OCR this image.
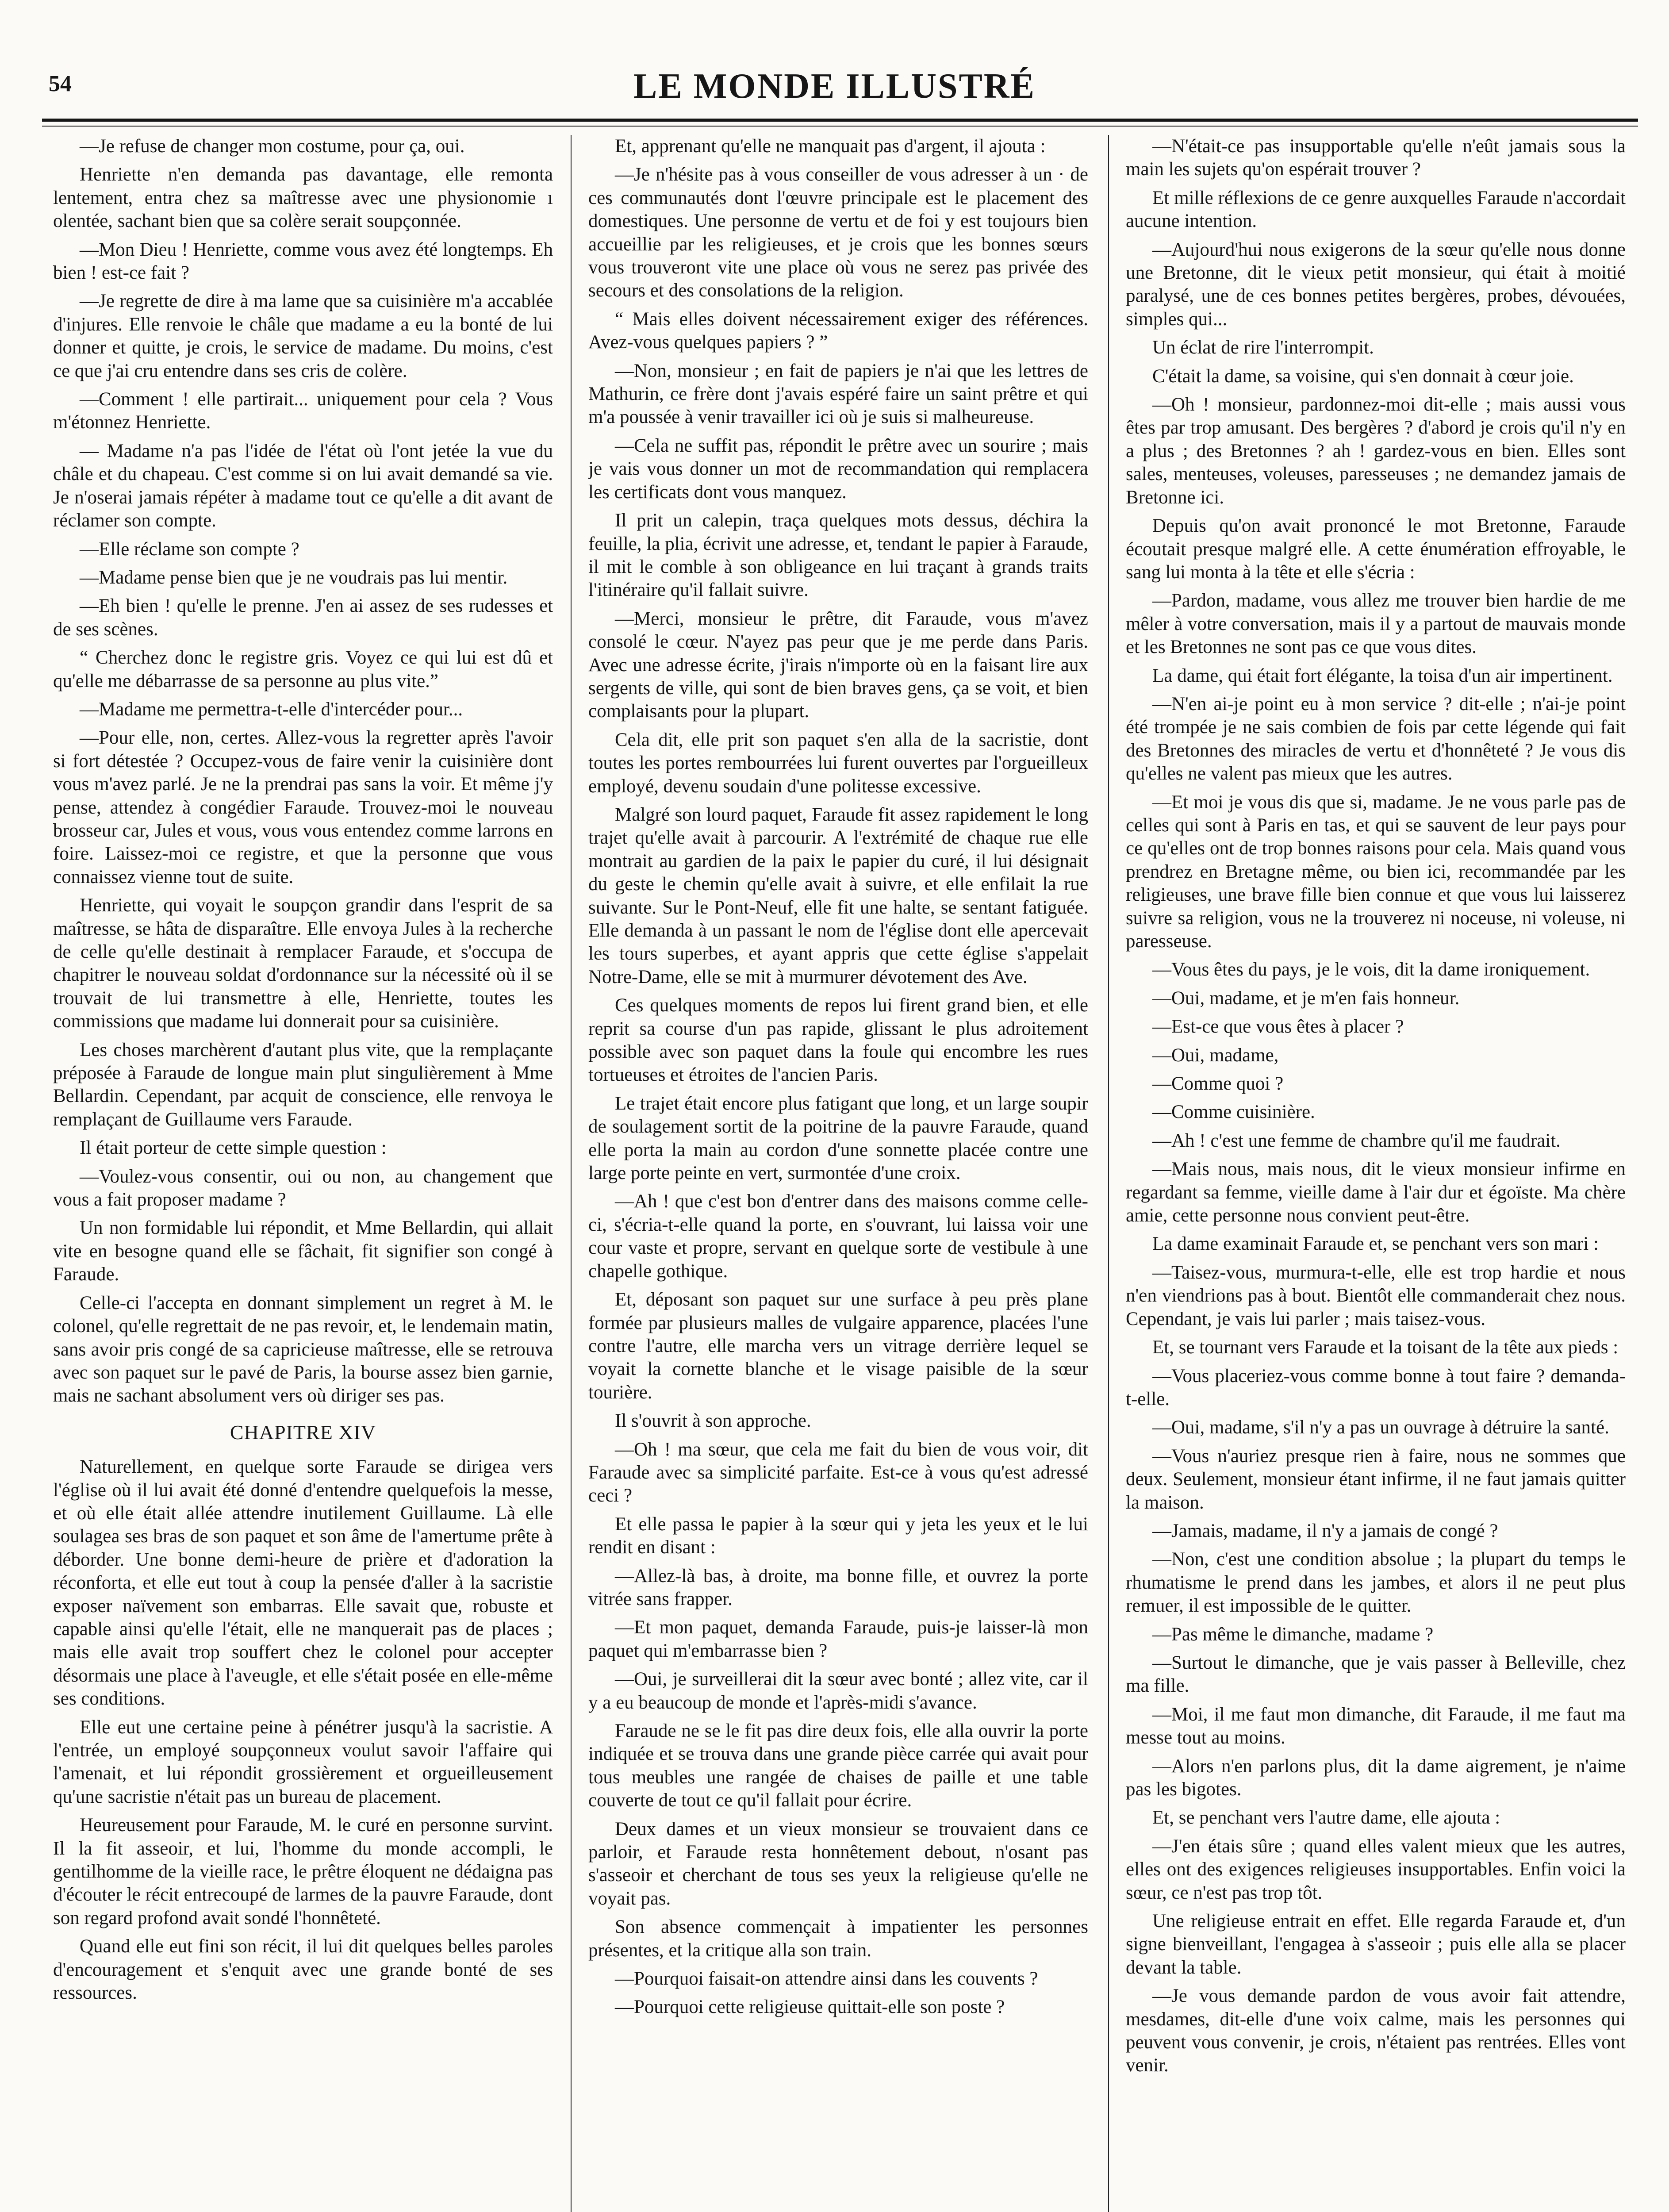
54	LE MONDE ILLUSTRÉ

—Je refuse de changer mon costume, pour ça, oui.

Henriette n'en demanda pas davantage, elle remonta lentement, entra chez sa maîtresse avec une physionomie ı olentée, sachant bien que sa colère serait soupçonnée.

—Mon Dieu ! Henriette, comme vous avez été longtemps. Eh bien ! est-ce fait ?

—Je regrette de dire à ma lame que sa cuisinière m'a accablée d'injures. Elle renvoie le châle que madame a eu la bonté de lui donner et quitte, je crois, le service de madame. Du moins, c'est ce que j'ai cru entendre dans ses cris de colère.

—Comment ! elle partirait... uniquement pour cela ? Vous m'étonnez Henriette.

— Madame n'a pas l'idée de l'état où l'ont jetée la vue du châle et du chapeau. C'est comme si on lui avait demandé sa vie. Je n'oserai jamais répéter à madame tout ce qu'elle a dit avant de réclamer son compte.

—Elle réclame son compte ?

—Madame pense bien que je ne voudrais pas lui mentir.

—Eh bien ! qu'elle le prenne. J'en ai assez de ses rudesses et de ses scènes.

“ Cherchez donc le registre gris. Voyez ce qui lui est dû et qu'elle me débarrasse de sa personne au plus vite.”

—Madame me permettra-t-elle d'intercéder pour...

—Pour elle, non, certes. Allez-vous la regretter après l'avoir si fort détestée ? Occupez-vous de faire venir la cuisinière dont vous m'avez parlé. Je ne la prendrai pas sans la voir. Et même j'y pense, attendez à congédier Faraude. Trouvez-moi le nouveau brosseur car, Jules et vous, vous vous entendez comme larrons en foire. Laissez-moi ce registre, et que la personne que vous connaissez vienne tout de suite.

Henriette, qui voyait le soupçon grandir dans l'esprit de sa maîtresse, se hâta de disparaître. Elle envoya Jules à la recherche de celle qu'elle destinait à remplacer Faraude, et s'occupa de chapitrer le nouveau soldat d'ordonnance sur la nécessité où il se trouvait de lui transmettre à elle, Henriette, toutes les commissions que madame lui donnerait pour sa cuisinière.

Les choses marchèrent d'autant plus vite, que la remplaçante préposée à Faraude de longue main plut singulièrement à Mme Bellardin. Cependant, par acquit de conscience, elle renvoya le remplaçant de Guillaume vers Faraude.

Il était porteur de cette simple question :

—Voulez-vous consentir, oui ou non, au changement que vous a fait proposer madame ?

Un non formidable lui répondit, et Mme Bellardin, qui allait vite en besogne quand elle se fâchait, fit signifier son congé à Faraude.

Celle-ci l'accepta en donnant simplement un regret à M. le colonel, qu'elle regrettait de ne pas revoir, et, le lendemain matin, sans avoir pris congé de sa capricieuse maîtresse, elle se retrouva avec son paquet sur le pavé de Paris, la bourse assez bien garnie, mais ne sachant absolument vers où diriger ses pas.

CHAPITRE XIV

Naturellement, en quelque sorte Faraude se dirigea vers l'église où il lui avait été donné d'entendre quelquefois la messe, et où elle était allée attendre inutilement Guillaume. Là elle soulagea ses bras de son paquet et son âme de l'amertume prête à déborder. Une bonne demi-heure de prière et d'adoration la réconforta, et elle eut tout à coup la pensée d'aller à la sacristie exposer naïvement son embarras. Elle savait que, robuste et capable ainsi qu'elle l'était, elle ne manquerait pas de places ; mais elle avait trop souffert chez le colonel pour accepter désormais une place à l'aveugle, et elle s'était posée en elle-même ses conditions.

Elle eut une certaine peine à pénétrer jusqu'à la sacristie. A l'entrée, un employé soupçonneux voulut savoir l'affaire qui l'amenait, et lui répondit grossièrement et orgueilleusement qu'une sacristie n'était pas un bureau de placement.

Heureusement pour Faraude, M. le curé en personne survint. Il la fit asseoir, et lui, l'homme du monde accompli, le gentilhomme de la vieille race, le prêtre éloquent ne dédaigna pas d'écouter le récit entrecoupé de larmes de la pauvre Faraude, dont son regard profond avait sondé l'honnêteté.

Quand elle eut fini son récit, il lui dit quelques belles paroles d'encouragement et s'enquit avec une grande bonté de ses ressources.

Et, apprenant qu'elle ne manquait pas d'argent, il ajouta :

—Je n'hésite pas à vous conseiller de vous adresser à un · de ces communautés dont l'œuvre principale est le placement des domestiques. Une personne de vertu et de foi y est toujours bien accueillie par les religieuses, et je crois que les bonnes sœurs vous trouveront vite une place où vous ne serez pas privée des secours et des consolations de la religion.

“ Mais elles doivent nécessairement exiger des références. Avez-vous quelques papiers ? ”

—Non, monsieur ; en fait de papiers je n'ai que les lettres de Mathurin, ce frère dont j'avais espéré faire un saint prêtre et qui m'a poussée à venir travailler ici où je suis si malheureuse.

—Cela ne suffit pas, répondit le prêtre avec un sourire ; mais je vais vous donner un mot de recommandation qui remplacera les certificats dont vous manquez.

Il prit un calepin, traça quelques mots dessus, déchira la feuille, la plia, écrivit une adresse, et, tendant le papier à Faraude, il mit le comble à son obligeance en lui traçant à grands traits l'itinéraire qu'il fallait suivre.

—Merci, monsieur le prêtre, dit Faraude, vous m'avez consolé le cœur. N'ayez pas peur que je me perde dans Paris. Avec une adresse écrite, j'irais n'importe où en la faisant lire aux sergents de ville, qui sont de bien braves gens, ça se voit, et bien complaisants pour la plupart.

Cela dit, elle prit son paquet s'en alla de la sacristie, dont toutes les portes rembourrées lui furent ouvertes par l'orgueilleux employé, devenu soudain d'une politesse excessive.

Malgré son lourd paquet, Faraude fit assez rapidement le long trajet qu'elle avait à parcourir. A l'extrémité de chaque rue elle montrait au gardien de la paix le papier du curé, il lui désignait du geste le chemin qu'elle avait à suivre, et elle enfilait la rue suivante. Sur le Pont-Neuf, elle fit une halte, se sentant fatiguée. Elle demanda à un passant le nom de l'église dont elle apercevait les tours superbes, et ayant appris que cette église s'appelait Notre-Dame, elle se mit à murmurer dévotement des Ave.

Ces quelques moments de repos lui firent grand bien, et elle reprit sa course d'un pas rapide, glissant le plus adroitement possible avec son paquet dans la foule qui encombre les rues tortueuses et étroites de l'ancien Paris.

Le trajet était encore plus fatigant que long, et un large soupir de soulagement sortit de la poitrine de la pauvre Faraude, quand elle porta la main au cordon d'une sonnette placée contre une large porte peinte en vert, surmontée d'une croix.

—Ah ! que c'est bon d'entrer dans des maisons comme celle-ci, s'écria-t-elle quand la porte, en s'ouvrant, lui laissa voir une cour vaste et propre, servant en quelque sorte de vestibule à une chapelle gothique.

Et, déposant son paquet sur une surface à peu près plane formée par plusieurs malles de vulgaire apparence, placées l'une contre l'autre, elle marcha vers un vitrage derrière lequel se voyait la cornette blanche et le visage paisible de la sœur tourière.

Il s'ouvrit à son approche.

—Oh ! ma sœur, que cela me fait du bien de vous voir, dit Faraude avec sa simplicité parfaite. Est-ce à vous qu'est adressé ceci ?

Et elle passa le papier à la sœur qui y jeta les yeux et le lui rendit en disant :

—Allez-là bas, à droite, ma bonne fille, et ouvrez la porte vitrée sans frapper.

—Et mon paquet, demanda Faraude, puis-je laisser-là mon paquet qui m'embarrasse bien ?

—Oui, je surveillerai dit la sœur avec bonté ; allez vite, car il y a eu beaucoup de monde et l'après-midi s'avance.

Faraude ne se le fit pas dire deux fois, elle alla ouvrir la porte indiquée et se trouva dans une grande pièce carrée qui avait pour tous meubles une rangée de chaises de paille et une table couverte de tout ce qu'il fallait pour écrire.

Deux dames et un vieux monsieur se trouvaient dans ce parloir, et Faraude resta honnêtement debout, n'osant pas s'asseoir et cherchant de tous ses yeux la religieuse qu'elle ne voyait pas.

Son absence commençait à impatienter les personnes présentes, et la critique alla son train.

—Pourquoi faisait-on attendre ainsi dans les couvents ?

—Pourquoi cette religieuse quittait-elle son poste ?

—N'était-ce pas insupportable qu'elle n'eût jamais sous la main les sujets qu'on espérait trouver ?

Et mille réflexions de ce genre auxquelles Faraude n'accordait aucune intention.

—Aujourd'hui nous exigerons de la sœur qu'elle nous donne une Bretonne, dit le vieux petit monsieur, qui était à moitié paralysé, une de ces bonnes petites bergères, probes, dévouées, simples qui...

Un éclat de rire l'interrompit.

C'était la dame, sa voisine, qui s'en donnait à cœur joie.

—Oh ! monsieur, pardonnez-moi dit-elle ; mais aussi vous êtes par trop amusant. Des bergères ? d'abord je crois qu'il n'y en a plus ; des Bretonnes ? ah ! gardez-vous en bien. Elles sont sales, menteuses, voleuses, paresseuses ; ne demandez jamais de Bretonne ici.

Depuis qu'on avait prononcé le mot Bretonne, Faraude écoutait presque malgré elle. A cette énumération effroyable, le sang lui monta à la tête et elle s'écria :

—Pardon, madame, vous allez me trouver bien hardie de me mêler à votre conversation, mais il y a partout de mauvais monde et les Bretonnes ne sont pas ce que vous dites.

La dame, qui était fort élégante, la toisa d'un air impertinent.

—N'en ai-je point eu à mon service ? dit-elle ; n'ai-je point été trompée je ne sais combien de fois par cette légende qui fait des Bretonnes des miracles de vertu et d'honnêteté ? Je vous dis qu'elles ne valent pas mieux que les autres.

—Et moi je vous dis que si, madame. Je ne vous parle pas de celles qui sont à Paris en tas, et qui se sauvent de leur pays pour ce qu'elles ont de trop bonnes raisons pour cela. Mais quand vous prendrez en Bretagne même, ou bien ici, recommandée par les religieuses, une brave fille bien connue et que vous lui laisserez suivre sa religion, vous ne la trouverez ni noceuse, ni voleuse, ni paresseuse.

—Vous êtes du pays, je le vois, dit la dame ironiquement.

—Oui, madame, et je m'en fais honneur.

—Est-ce que vous êtes à placer ?

—Oui, madame,

—Comme quoi ?

—Comme cuisinière.

—Ah ! c'est une femme de chambre qu'il me faudrait.

—Mais nous, mais nous, dit le vieux monsieur infirme en regardant sa femme, vieille dame à l'air dur et égoïste. Ma chère amie, cette personne nous convient peut-être.

La dame examinait Faraude et, se penchant vers son mari :

—Taisez-vous, murmura-t-elle, elle est trop hardie et nous n'en viendrions pas à bout. Bientôt elle commanderait chez nous. Cependant, je vais lui parler ; mais taisez-vous.

Et, se tournant vers Faraude et la toisant de la tête aux pieds :

—Vous placeriez-vous comme bonne à tout faire ? demanda-t-elle.

—Oui, madame, s'il n'y a pas un ouvrage à détruire la santé.

—Vous n'auriez presque rien à faire, nous ne sommes que deux. Seulement, monsieur étant infirme, il ne faut jamais quitter la maison.

—Jamais, madame, il n'y a jamais de congé ?

—Non, c'est une condition absolue ; la plupart du temps le rhumatisme le prend dans les jambes, et alors il ne peut plus remuer, il est impossible de le quitter.

—Pas même le dimanche, madame ?

—Surtout le dimanche, que je vais passer à Belleville, chez ma fille.

—Moi, il me faut mon dimanche, dit Faraude, il me faut ma messe tout au moins.

—Alors n'en parlons plus, dit la dame aigrement, je n'aime pas les bigotes.

Et, se penchant vers l'autre dame, elle ajouta :

—J'en étais sûre ; quand elles valent mieux que les autres, elles ont des exigences religieuses insupportables. Enfin voici la sœur, ce n'est pas trop tôt.

Une religieuse entrait en effet. Elle regarda Faraude et, d'un signe bienveillant, l'engagea à s'asseoir ; puis elle alla se placer devant la table.

—Je vous demande pardon de vous avoir fait attendre, mesdames, dit-elle d'une voix calme, mais les personnes qui peuvent vous convenir, je crois, n'étaient pas rentrées. Elles vont venir.
